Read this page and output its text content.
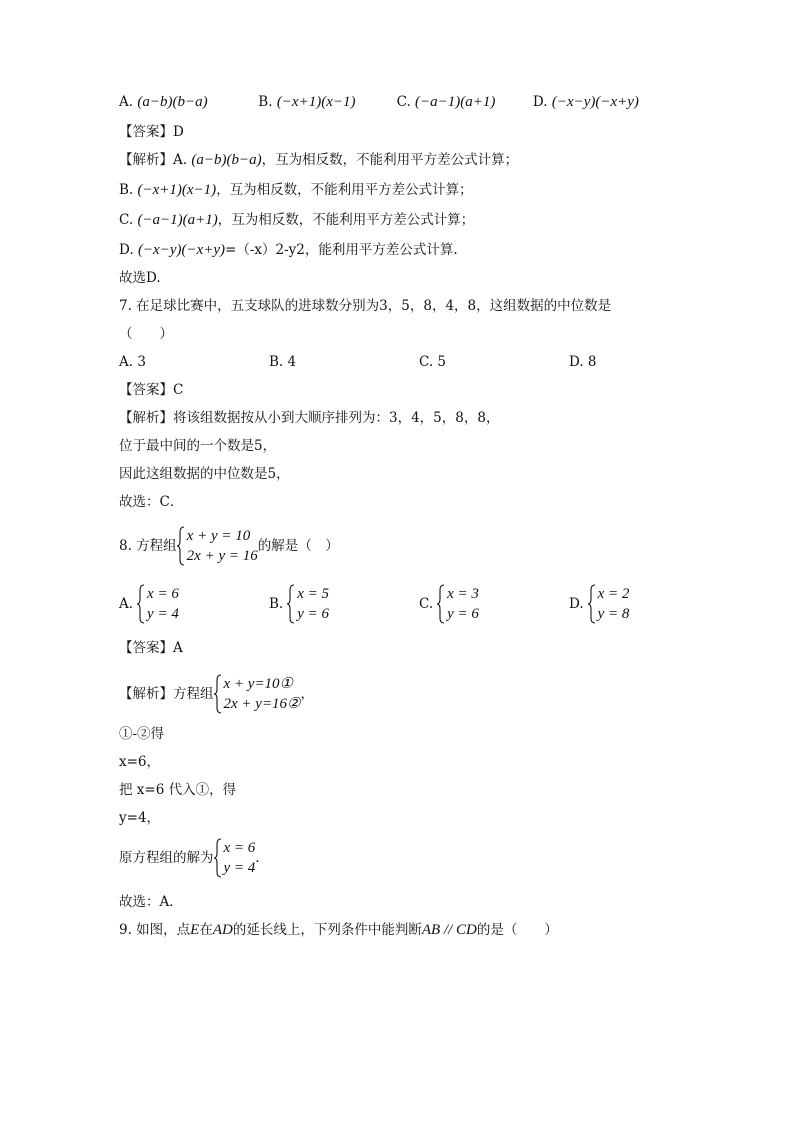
A. (a−b)(b−a)	B. (−x+1)(x−1)	C. (−a−1)(a+1)	D. (−x−y)(−x+y)
【答案】D
【解析】A. (a−b)(b−a)，互为相反数，不能利用平方差公式计算；
B. (−x+1)(x−1)，互为相反数，不能利用平方差公式计算；
C. (−a−1)(a+1)，互为相反数，不能利用平方差公式计算；
D. (−x−y)(−x+y)=（-x）2-y2，能利用平方差公式计算.
故选D.
7. 在足球比赛中，五支球队的进球数分别为3，5，8，4，8，这组数据的中位数是
（　　）
A. 3	B. 4	C. 5	D. 8
【答案】C
【解析】将该组数据按从小到大顺序排列为：3，4，5，8，8，
位于最中间的一个数是5，
因此这组数据的中位数是5，
故选：C．
8. 方程组
x + y = 10
2x + y = 16
的解是（　）
A.
x = 6
y = 4
B.
x = 5
y = 6
C.
x = 3
y = 6
D.
x = 2
y = 8
【答案】A
【解析】方程组
x + y=10①
2x + y=16②
，
①-②得
x=6，
把 x=6 代入①，得
y=4，
原方程组的解为
x = 6
y = 4
.
故选：A．
9. 如图，点E在AD的延长线上，下列条件中能判断AB // CD的是（　　）
